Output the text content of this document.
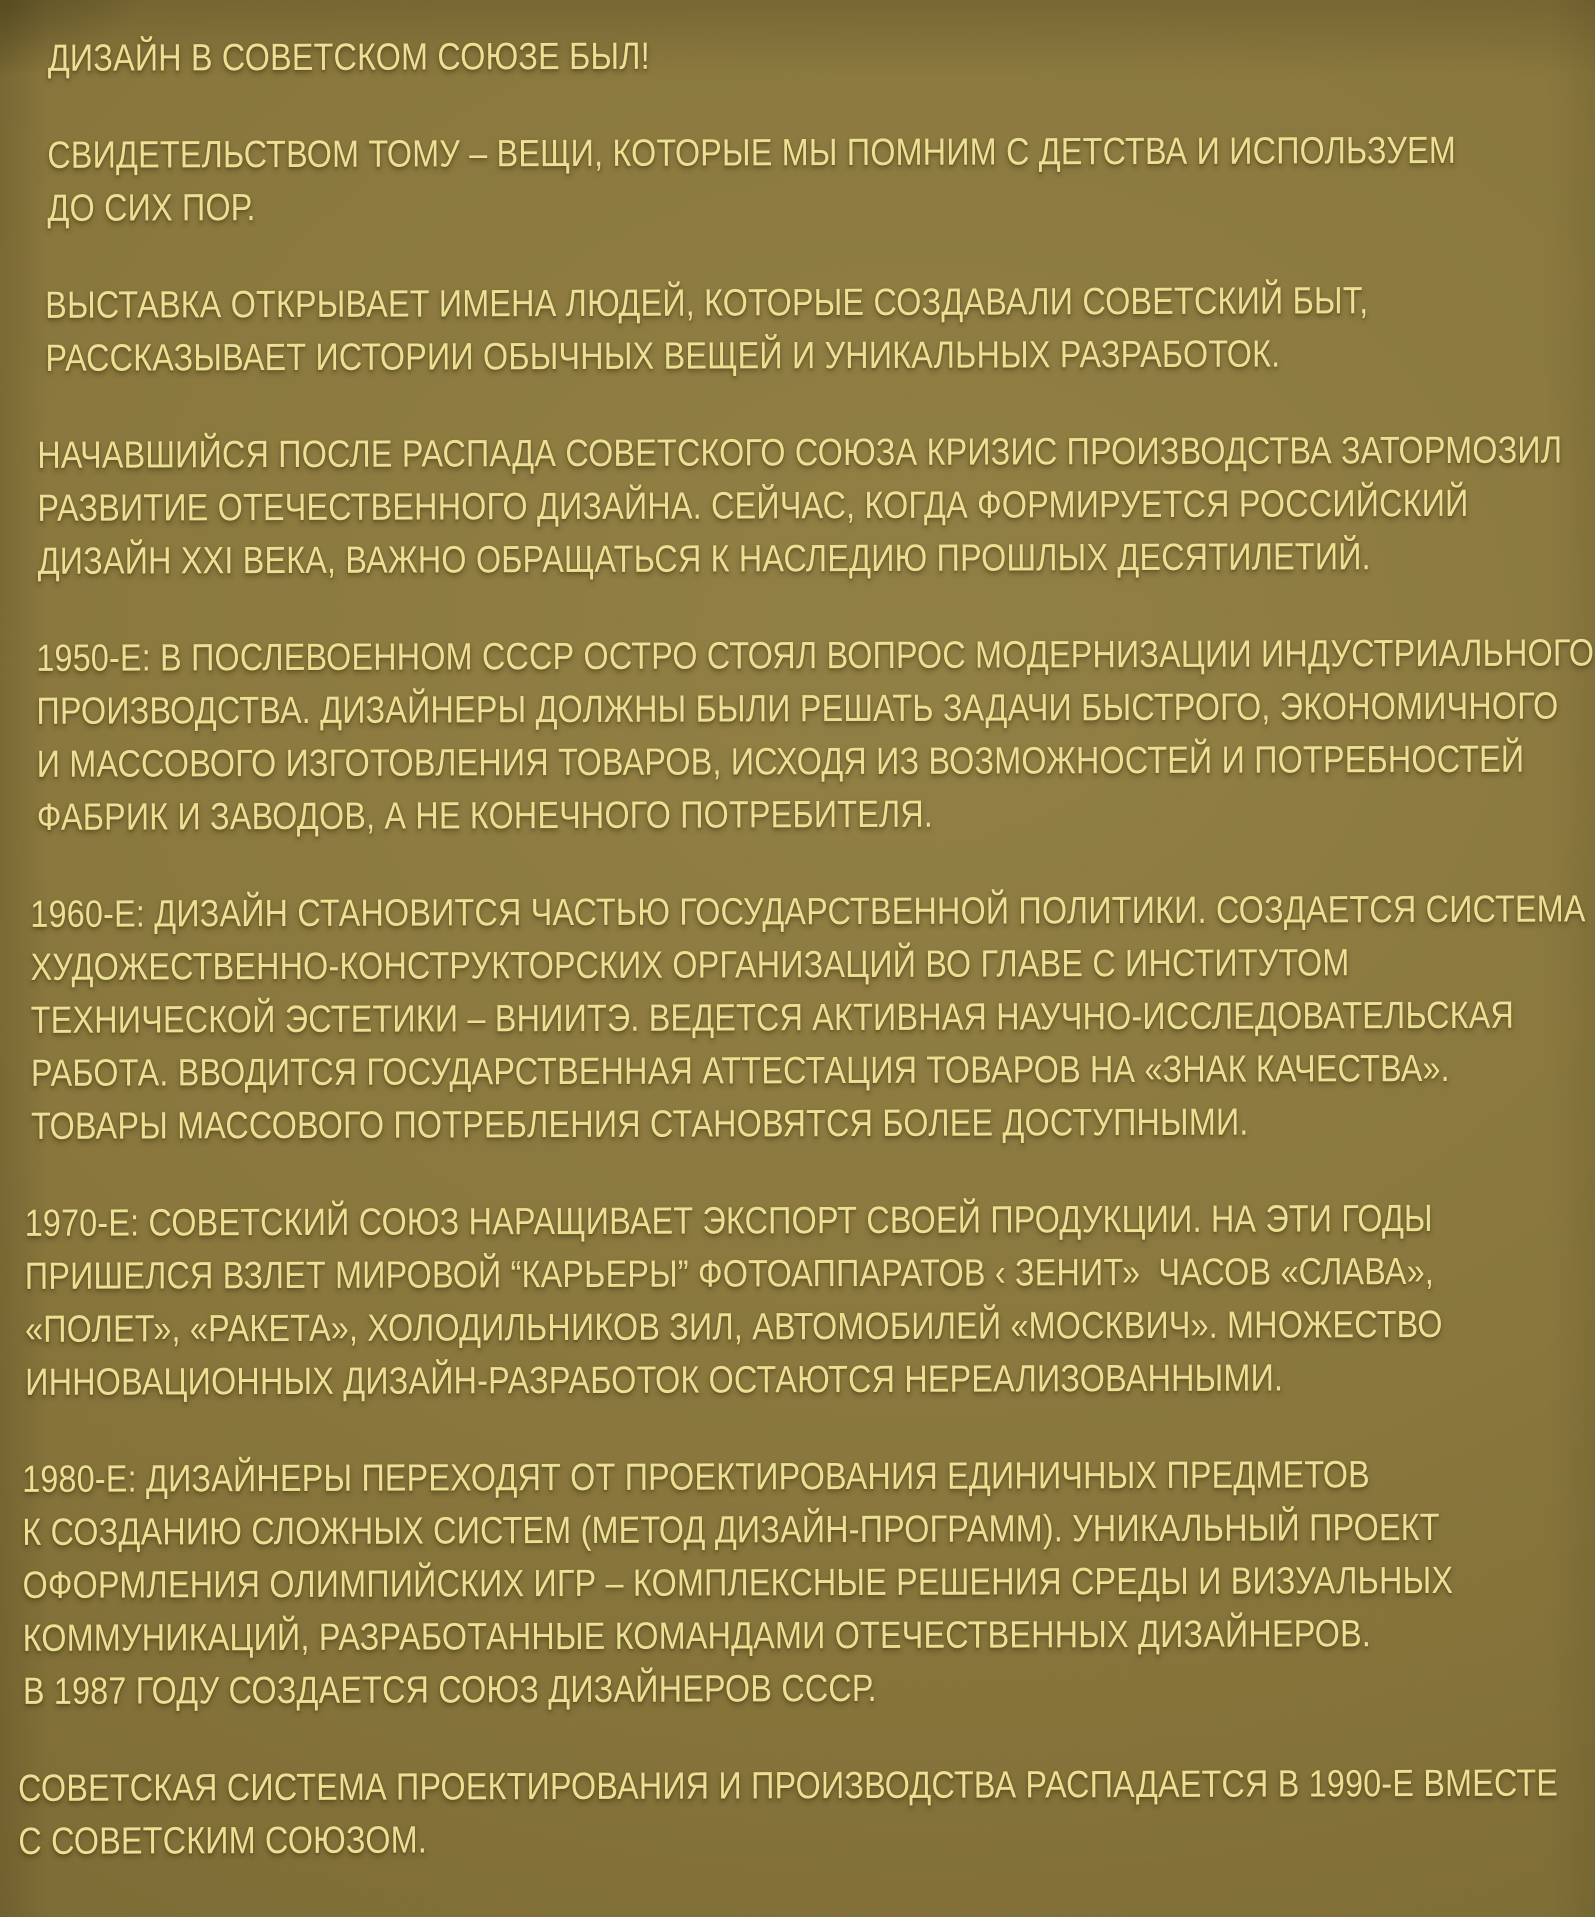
ДИЗАЙН В СОВЕТСКОМ СОЮЗЕ БЫЛ!
СВИДЕТЕЛЬСТВОМ ТОМУ – ВЕЩИ, КОТОРЫЕ МЫ ПОМНИМ С ДЕТСТВА И ИСПОЛЬЗУЕМ
ДО СИХ ПОР.
ВЫСТАВКА ОТКРЫВАЕТ ИМЕНА ЛЮДЕЙ, КОТОРЫЕ СОЗДАВАЛИ СОВЕТСКИЙ БЫТ,
РАССКАЗЫВАЕТ ИСТОРИИ ОБЫЧНЫХ ВЕЩЕЙ И УНИКАЛЬНЫХ РАЗРАБОТОК.
НАЧАВШИЙСЯ ПОСЛЕ РАСПАДА СОВЕТСКОГО СОЮЗА КРИЗИС ПРОИЗВОДСТВА ЗАТОРМОЗИЛ
РАЗВИТИЕ ОТЕЧЕСТВЕННОГО ДИЗАЙНА. СЕЙЧАС, КОГДА ФОРМИРУЕТСЯ РОССИЙСКИЙ
ДИЗАЙН XXI ВЕКА, ВАЖНО ОБРАЩАТЬСЯ К НАСЛЕДИЮ ПРОШЛЫХ ДЕСЯТИЛЕТИЙ.
1950-Е: В ПОСЛЕВОЕННОМ СССР ОСТРО СТОЯЛ ВОПРОС МОДЕРНИЗАЦИИ ИНДУСТРИАЛЬНОГО
ПРОИЗВОДСТВА. ДИЗАЙНЕРЫ ДОЛЖНЫ БЫЛИ РЕШАТЬ ЗАДАЧИ БЫСТРОГО, ЭКОНОМИЧНОГО
И МАССОВОГО ИЗГОТОВЛЕНИЯ ТОВАРОВ, ИСХОДЯ ИЗ ВОЗМОЖНОСТЕЙ И ПОТРЕБНОСТЕЙ
ФАБРИК И ЗАВОДОВ, А НЕ КОНЕЧНОГО ПОТРЕБИТЕЛЯ.
1960-Е: ДИЗАЙН СТАНОВИТСЯ ЧАСТЬЮ ГОСУДАРСТВЕННОЙ ПОЛИТИКИ. СОЗДАЕТСЯ СИСТЕМА
ХУДОЖЕСТВЕННО-КОНСТРУКТОРСКИХ ОРГАНИЗАЦИЙ ВО ГЛАВЕ С ИНСТИТУТОМ
ТЕХНИЧЕСКОЙ ЭСТЕТИКИ – ВНИИТЭ. ВЕДЕТСЯ АКТИВНАЯ НАУЧНО-ИССЛЕДОВАТЕЛЬСКАЯ
РАБОТА. ВВОДИТСЯ ГОСУДАРСТВЕННАЯ АТТЕСТАЦИЯ ТОВАРОВ НА «ЗНАК КАЧЕСТВА».
ТОВАРЫ МАССОВОГО ПОТРЕБЛЕНИЯ СТАНОВЯТСЯ БОЛЕЕ ДОСТУПНЫМИ.
1970-Е: СОВЕТСКИЙ СОЮЗ НАРАЩИВАЕТ ЭКСПОРТ СВОЕЙ ПРОДУКЦИИ. НА ЭТИ ГОДЫ
ПРИШЕЛСЯ ВЗЛЕТ МИРОВОЙ “КАРЬЕРЫ” ФОТОАППАРАТОВ ‹ ЗЕНИТ»  ЧАСОВ «СЛАВА»,
«ПОЛЕТ», «РАКЕТА», ХОЛОДИЛЬНИКОВ ЗИЛ, АВТОМОБИЛЕЙ «МОСКВИЧ». МНОЖЕСТВО
ИННОВАЦИОННЫХ ДИЗАЙН-РАЗРАБОТОК ОСТАЮТСЯ НЕРЕАЛИЗОВАННЫМИ.
1980-Е: ДИЗАЙНЕРЫ ПЕРЕХОДЯТ ОТ ПРОЕКТИРОВАНИЯ ЕДИНИЧНЫХ ПРЕДМЕТОВ
К СОЗДАНИЮ СЛОЖНЫХ СИСТЕМ (МЕТОД ДИЗАЙН-ПРОГРАММ). УНИКАЛЬНЫЙ ПРОЕКТ
ОФОРМЛЕНИЯ ОЛИМПИЙСКИХ ИГР – КОМПЛЕКСНЫЕ РЕШЕНИЯ СРЕДЫ И ВИЗУАЛЬНЫХ
КОММУНИКАЦИЙ, РАЗРАБОТАННЫЕ КОМАНДАМИ ОТЕЧЕСТВЕННЫХ ДИЗАЙНЕРОВ.
В 1987 ГОДУ СОЗДАЕТСЯ СОЮЗ ДИЗАЙНЕРОВ СССР.
СОВЕТСКАЯ СИСТЕМА ПРОЕКТИРОВАНИЯ И ПРОИЗВОДСТВА РАСПАДАЕТСЯ В 1990-Е ВМЕСТЕ
С СОВЕТСКИМ СОЮЗОМ.
